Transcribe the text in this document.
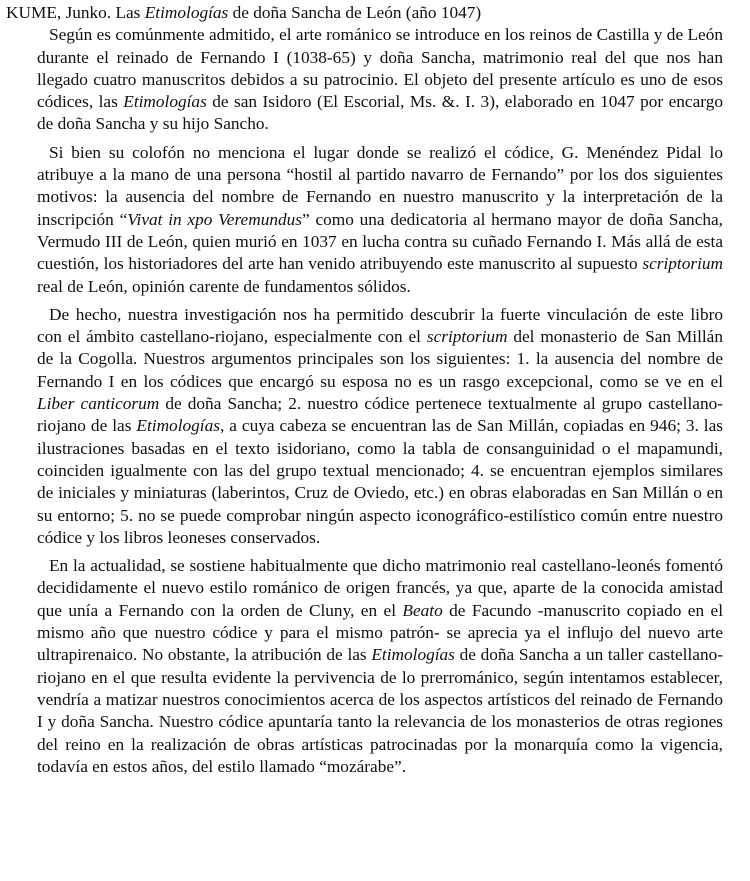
KUME, Junko. Las Etimologías de doña Sancha de León (año 1047)

Según es comúnmente admitido, el arte románico se introduce en los reinos de Castilla y de León durante el reinado de Fernando I (1038-65) y doña Sancha, matrimonio real del que nos han llegado cuatro manuscritos debidos a su patrocinio. El objeto del presente artículo es uno de esos códices, las Etimologías de san Isidoro (El Escorial, Ms. &. I. 3), elaborado en 1047 por encargo de doña Sancha y su hijo Sancho.

Si bien su colofón no menciona el lugar donde se realizó el códice, G. Menéndez Pidal lo atribuye a la mano de una persona “hostil al partido navarro de Fernando” por los dos siguientes motivos: la ausencia del nombre de Fernando en nuestro manuscrito y la interpretación de la inscripción “Vivat in xpo Veremundus” como una dedicatoria al hermano mayor de doña Sancha, Vermudo III de León, quien murió en 1037 en lucha contra su cuñado Fernando I. Más allá de esta cuestión, los historiadores del arte han venido atribuyendo este manuscrito al supuesto scriptorium real de León, opinión carente de fundamentos sólidos.

De hecho, nuestra investigación nos ha permitido descubrir la fuerte vinculación de este libro con el ámbito castellano-riojano, especialmente con el scriptorium del monasterio de San Millán de la Cogolla. Nuestros argumentos principales son los siguientes: 1. la ausencia del nombre de Fernando I en los códices que encargó su esposa no es un rasgo excepcional, como se ve en el Liber canticorum de doña Sancha; 2. nuestro códice pertenece textualmente al grupo castellano-riojano de las Etimologías, a cuya cabeza se encuentran las de San Millán, copiadas en 946; 3. las ilustraciones basadas en el texto isidoriano, como la tabla de consanguinidad o el mapamundi, coinciden igualmente con las del grupo textual mencionado; 4. se encuentran ejemplos similares de iniciales y miniaturas (laberintos, Cruz de Oviedo, etc.) en obras elaboradas en San Millán o en su entorno; 5. no se puede comprobar ningún aspecto iconográfico-estilístico común entre nuestro códice y los libros leoneses conservados.

En la actualidad, se sostiene habitualmente que dicho matrimonio real castellano-leonés fomentó decididamente el nuevo estilo románico de origen francés, ya que, aparte de la conocida amistad que unía a Fernando con la orden de Cluny, en el Beato de Facundo -manuscrito copiado en el mismo año que nuestro códice y para el mismo patrón- se aprecia ya el influjo del nuevo arte ultrapirenaico. No obstante, la atribución de las Etimologías de doña Sancha a un taller castellano-riojano en el que resulta evidente la pervivencia de lo prerrománico, según intentamos establecer, vendría a matizar nuestros conocimientos acerca de los aspectos artísticos del reinado de Fernando I y doña Sancha. Nuestro códice apuntaría tanto la relevancia de los monasterios de otras regiones del reino en la realización de obras artísticas patrocinadas por la monarquía como la vigencia, todavía en estos años, del estilo llamado “mozárabe”.
